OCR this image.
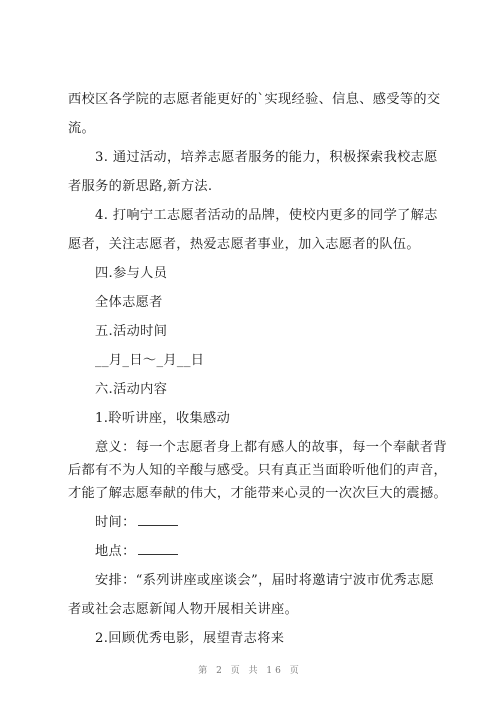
西校区各学院的志愿者能更好的`实现经验、信息、感受等的交

流。

3. 通过活动，培养志愿者服务的能力，积极探索我校志愿

者服务的新思路,新方法.

4. 打响宁工志愿者活动的品牌，使校内更多的同学了解志

愿者，关注志愿者，热爱志愿者事业，加入志愿者的队伍。

四.参与人员

全体志愿者

五.活动时间

__月_日～_月__日

六.活动内容

1.聆听讲座，收集感动

意义：每一个志愿者身上都有感人的故事，每一个奉献者背

后都有不为人知的辛酸与感受。只有真正当面聆听他们的声音，

才能了解志愿奉献的伟大，才能带来心灵的一次次巨大的震撼。

时间：

地点：

安排：“系列讲座或座谈会”，届时将邀请宁波市优秀志愿

者或社会志愿新闻人物开展相关讲座。

2.回顾优秀电影，展望青志将来

第 2 页 共 16 页
